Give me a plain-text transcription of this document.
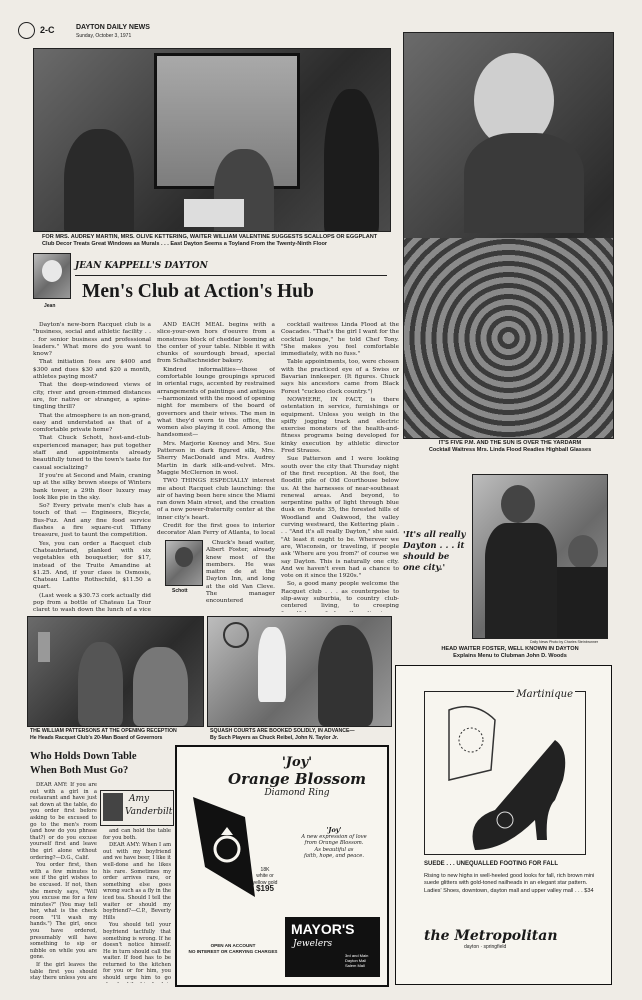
2-C	DAYTON DAILY NEWS
Sunday, October 3, 1971
FOR MRS. AUDREY MARTIN, MRS. OLIVE KETTERING, WAITER WILLIAM VALENTINE SUGGESTS SCALLOPS OR EGGPLANT
Club Decor Treats Great Windows as Murals . . . East Dayton Seems a Toyland From the Twenty-Ninth Floor
IT'S FIVE P.M. AND THE SUN IS OVER THE YARDARM
Cocktail Waitress Mrs. Linda Flood Readies Highball Glasses
Jean
JEAN KAPPELL'S DAYTON
Men's Club at Action's Hub

Dayton's new-born Racquet club is a "business, social and athletic facility . . . for senior business and professional leaders." What more do you want to know?

That initiation fees are $400 and $300 and dues $30 and $20 a month, athletes paying most?

That the deep-windowed views of city, river and green-rimmed distances are, for native or stranger, a spine-tingling thrill?

That the atmosphere is an non-grand, easy and understated as that of a comfortable private home?

That Chuck Schott, host-and-club-experienced manager, has put together staff and appointments already beautifully tuned to the town's taste for casual socializing?

If you're at Second and Main, craning up at the silky brown steeps of Winters bank tower, a 29th floor luxury may look like pie in the sky.

So? Every private men's club has a touch of that — Engineers, Bicycle, Bus-Fuz. And any fine food service flashes a fire square-cut Tiffany treasure, just to taunt the competition.

Yes, you can order a Racquet club Chateaubriand, planked with six vegetables eth bouquetier, for $17, instead of the Truite Amandine at $1.25. And, if your class is Osmosis, Chateau Lafite Rothschild, $11.50 a quart.

(Last week a $30.73 cork actually did pop from a bottle of Chateau La Tour claret to wash down the lunch of a vice

AND EACH MEAL begins with a slice-your-own hors d'oeuvre from a monstrous block of cheddar looming at the center of your table. Nibble it with chunks of sourdough bread, special from Schaltschneider bakery.

Kindred informalities—those of comfortable lounge groupings spruced in oriental rugs, accented by restrained arrangements of paintings and antiques—harmonized with the mood of opening night for members of the board of governors and their wives. The men in what they'd worn to the office, the women also playing it cool. Among the handsomest—

Mrs. Marjorie Keenoy and Mrs. Sue Patterson in dark figured silk, Mrs. Sherry MacDonald and Mrs. Audrey Martin in dark silk-and-velvet. Mrs. Maggie McClernon in wool.

TWO THINGS ESPECIALLY interest me about Racquet club launching: the air of having been here since the Miami ran down Main street, and the creation of a new power-fraternity center at the inner city's heart.

Credit for the first goes to interior decorator Alan Ferry of Atlanta, to local

Schott

Chuck's head waiter, Albert Foster, already knew most of the members. He was maitre de at the Dayton Inn, and long at the old Van Cleve. The manager encountered

cocktail waitress Linda Flood at the Coacades. "That's the girl I want for the cocktail lounge," he told Chef Tony. "She makes you feel comfortable immediately, with no fuss."

Table appointments, too, were chosen with the practiced eye of a Swiss or Bavarian innkeeper. (It figures. Chuck says his ancestors came from Black Forest "cuckoo clock country.")

NOWHERE, IN FACT, is there ostentation in service, furnishings or equipment. Unless you weigh in the spiffy jogging track and electric exercise monsters of the health-and-fitness programs being developed for kinky execution by athletic director Fred Strauss.

Sue Patterson and I were looking south over the city that Thursday night of the first reception. At the foot, the floodlit pile of Old Courthouse below us. At the harnesses of near-southeast renewal areas. And beyond, to serpentine paths of light through blue dusk on Route 35, the forested hills of Woodland and Oakwood, the valley curving westward, the Kettering plain . . . "And it's all really Dayton," she said. "At least it ought to be. Wherever we are, Wisconsin, or traveling, if people ask 'Where are you from?' of course we say Dayton. This is naturally one city. And we haven't even had a chance to vote on it since the 1920s."

So, a good many people welcome the Racquet club . . . as counterpoise to slip-away suburbia, to country club-centered living, to creeping

'It's all really Dayton . . . it should be one city.'
Daily News Photo by Charles Steinbrunner
HEAD WAITER FOSTER, WELL KNOWN IN DAYTON
Explains Menu to Clubman John D. Woods
THE WILLIAM PATTERSONS AT THE OPENING RECEPTION
He Heads Racquet Club's 20-Man Board of Governors
SQUASH COURTS ARE BOOKED SOLIDLY, IN ADVANCE—
By Such Players as Chuck Reibel, John N. Taylor Jr.
Who Holds Down Table
When Both Must Go?

DEAR AMY: If you are out with a girl in a restaurant and have just sat down at the table, do you order first before asking to be excused to go to the men's room (and how do you phrase that?) or do you excuse yourself first and leave the girl alone without ordering?—D.G., Calif.

You order first, then with a few minutes to see if the girl wishes to be excused. If not, then she merely says, "Will you excuse me for a few minutes?" (You may tell her, what is the check room "I'll wash my hands.") The girl, once you have ordered, presumably will have something to sip or nibble on while you are gone.

If the girl leaves the table first you should stay there unless you are

Amy
Vanderbilt

and can hold the table for you both.

DEAR AMY: When I am out with my boyfriend and we have beer, I like it well-done and he likes his rare. Sometimes my order arrives rare, or something else goes wrong such as a fly in the iced tea. Should I tell the waiter or should my boyfriend?—C.P., Beverly Hills

You should tell your boyfriend tactfully that something is wrong. If he doesn't notice himself. He in turn should call the waiter. If food has to be returned to the kitchen for you or for him, you should urge him to go

'Joy'
Orange Blossom
Diamond Ring
'Joy'
A new expression of love
from Orange Blossom.
As beautiful as
faith, hope, and peace.
18K
white or
yellow gold
$195
OPEN AN ACCOUNT
NO INTEREST OR CARRYING CHARGES
MAYOR'S
Jewelers
3rd and Main
Dayton Mall
Salem Mall
Martinique
SUEDE . . . UNEQUALLED FOOTING FOR FALL
Rising to new highs in well-heeled good looks for fall, rich brown mini suede glitters with gold-toned nailheads in an elegant star pattern. Ladies' Shoes, downtown, dayton mall and upper valley mall . . . $34
the Metropolitan
dayton · springfield
